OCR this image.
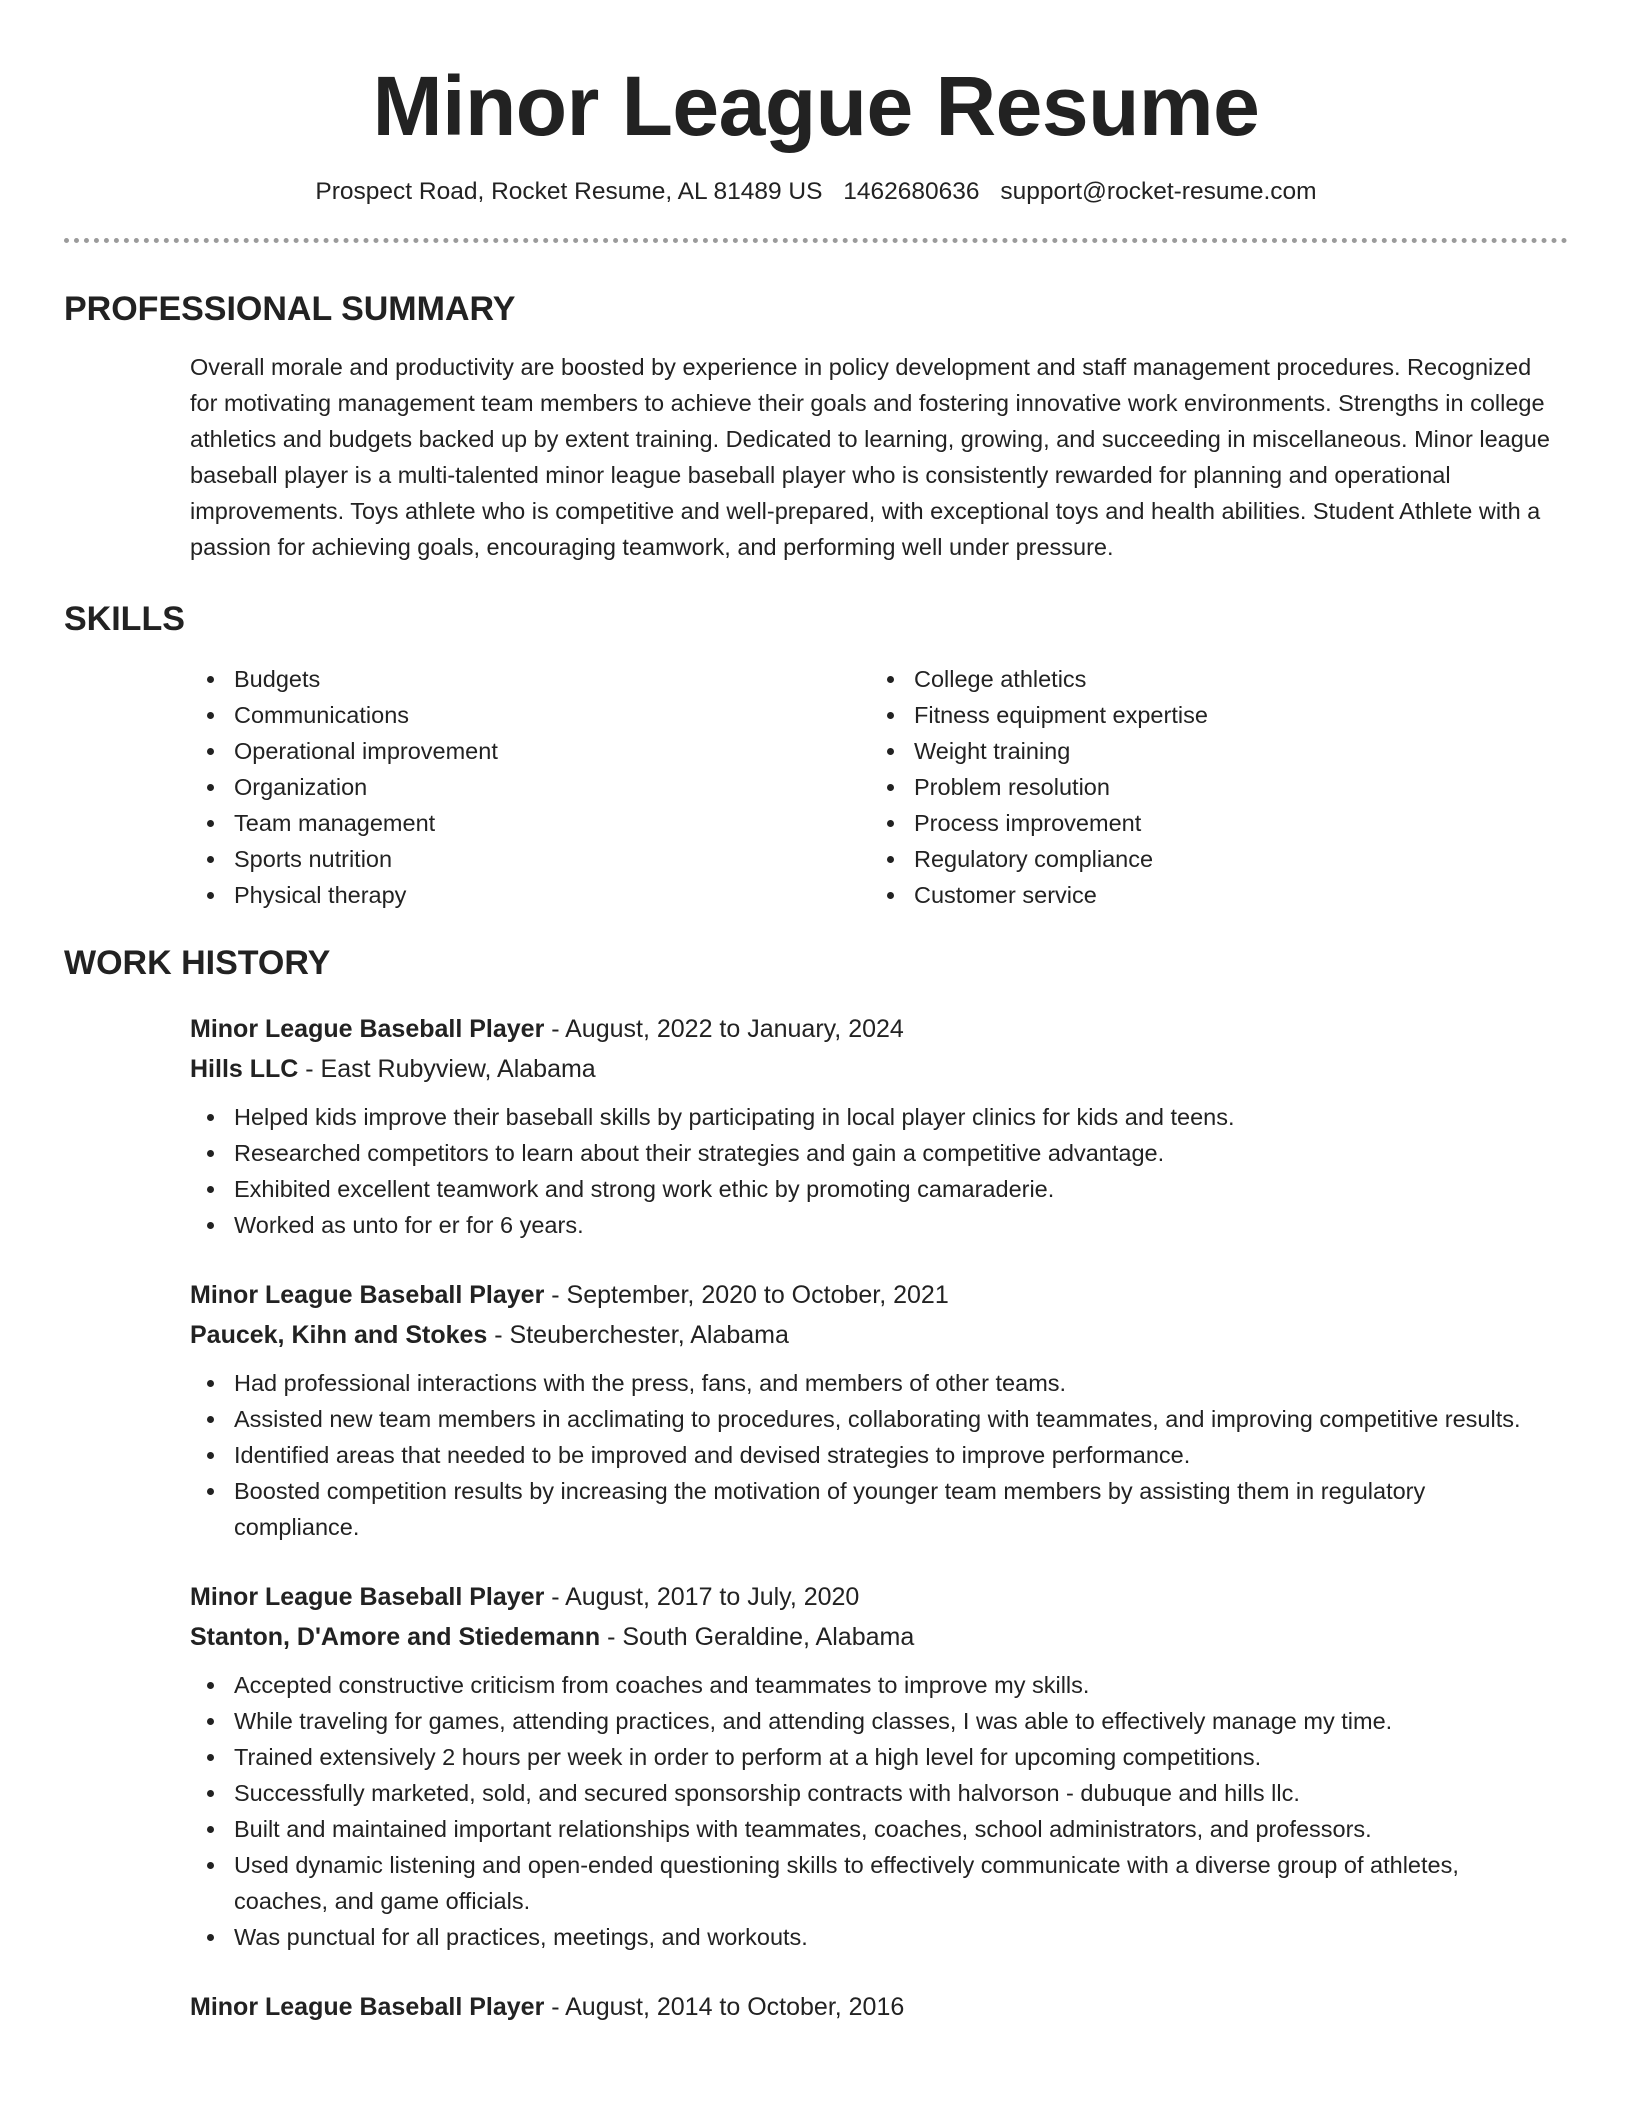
Minor League Resume
Prospect Road, Rocket Resume, AL 81489 US 1462680636 support@rocket-resume.com
PROFESSIONAL SUMMARY

Overall morale and productivity are boosted by experience in policy development and staff management procedures. Recognized for motivating management team members to achieve their goals and fostering innovative work environments. Strengths in college athletics and budgets backed up by extent training. Dedicated to learning, growing, and succeeding in miscellaneous. Minor league baseball player is a multi-talented minor league baseball player who is consistently rewarded for planning and operational improvements. Toys athlete who is competitive and well-prepared, with exceptional toys and health abilities. Student Athlete with a passion for achieving goals, encouraging teamwork, and performing well under pressure.

SKILLS
Budgets
Communications
Operational improvement
Organization
Team management
Sports nutrition
Physical therapy
College athletics
Fitness equipment expertise
Weight training
Problem resolution
Process improvement
Regulatory compliance
Customer service
WORK HISTORY
Minor League Baseball Player - August, 2022 to January, 2024
Hills LLC - East Rubyview, Alabama
Helped kids improve their baseball skills by participating in local player clinics for kids and teens.
Researched competitors to learn about their strategies and gain a competitive advantage.
Exhibited excellent teamwork and strong work ethic by promoting camaraderie.
Worked as unto for er for 6 years.
Minor League Baseball Player - September, 2020 to October, 2021
Paucek, Kihn and Stokes - Steuberchester, Alabama
Had professional interactions with the press, fans, and members of other teams.
Assisted new team members in acclimating to procedures, collaborating with teammates, and improving competitive results.
Identified areas that needed to be improved and devised strategies to improve performance.
Boosted competition results by increasing the motivation of younger team members by assisting them in regulatory compliance.
Minor League Baseball Player - August, 2017 to July, 2020
Stanton, D'Amore and Stiedemann - South Geraldine, Alabama
Accepted constructive criticism from coaches and teammates to improve my skills.
While traveling for games, attending practices, and attending classes, I was able to effectively manage my time.
Trained extensively 2 hours per week in order to perform at a high level for upcoming competitions.
Successfully marketed, sold, and secured sponsorship contracts with halvorson - dubuque and hills llc.
Built and maintained important relationships with teammates, coaches, school administrators, and professors.
Used dynamic listening and open-ended questioning skills to effectively communicate with a diverse group of athletes, coaches, and game officials.
Was punctual for all practices, meetings, and workouts.
Minor League Baseball Player - August, 2014 to October, 2016
